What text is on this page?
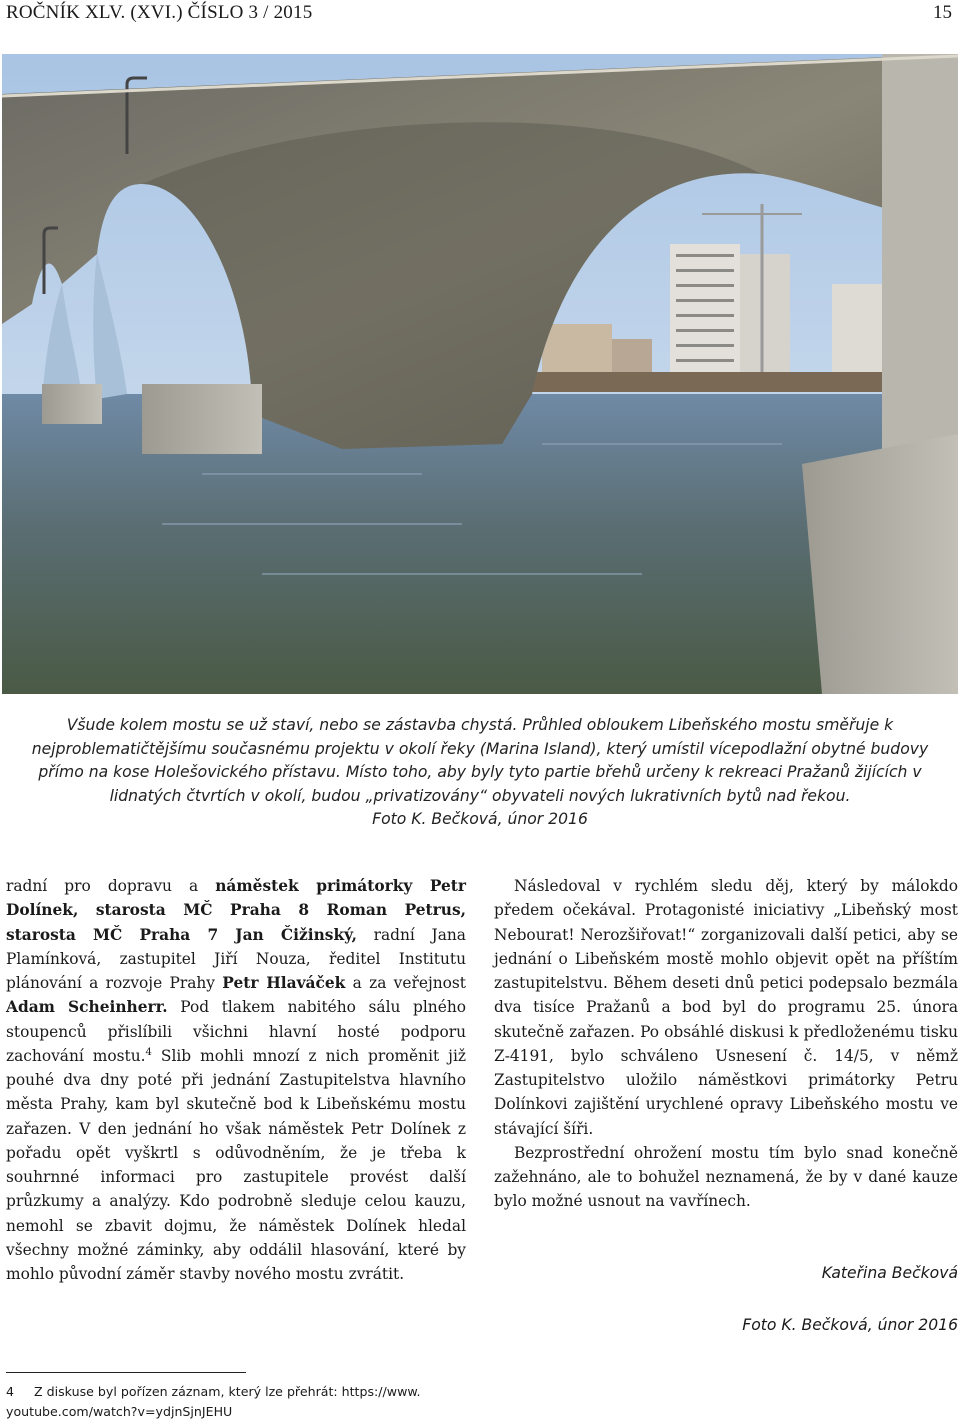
ROČNÍK XLV. (XVI.) ČÍSLO 3 / 2015	15
Všude kolem mostu se už staví, nebo se zástavba chystá. Průhled obloukem Libeňského mostu směřuje k nejproblematičtějšímu současnému projektu v okolí řeky (Marina Island), který umístil vícepodlažní obytné budovy přímo na kose Holešovického přístavu. Místo toho, aby byly tyto partie břehů určeny k rekreaci Pražanů žijících v lidnatých čtvrtích v okolí, budou „privatizovány“ obyvateli nových lukrativních bytů nad řekou.
Foto K. Bečková, únor 2016
radní pro dopravu a náměstek primátorky Petr Dolínek, starosta MČ Praha 8 Roman Petrus, starosta MČ Praha 7 Jan Čižinský, radní Jana Plamínková, zastupitel Jiří Nouza, ředitel Institutu plánování a rozvoje Prahy Petr Hlaváček a za veřejnost Adam Scheinherr. Pod tlakem nabitého sálu plného stoupenců přislíbili všichni hlavní hosté podporu zachování mostu.$^4$ Slib mohli mnozí z nich proměnit již pouhé dva dny poté při jednání Zastupitelstva hlavního města Prahy, kam byl skutečně bod k Libeňskému mostu zařazen. V den jednání ho však náměstek Petr Dolínek z pořadu opět vyškrtl s odůvodněním, že je třeba k souhrnné informaci pro zastupitele provést další průzkumy a analýzy. Kdo podrobně sleduje celou kauzu, nemohl se zbavit dojmu, že náměstek Dolínek hledal všechny možné záminky, aby oddálil hlasování, které by mohlo původní záměr stavby nového mostu zvrátit.

Následoval v rychlém sledu děj, který by málokdo předem očekával. Protagonisté iniciativy „Libeňský most Nebourat! Nerozšiřovat!“ zorganizovali další petici, aby se jednání o Libeňském mostě mohlo objevit opět na příštím zastupitelstvu. Během deseti dnů petici podepsalo bezmála dva tisíce Pražanů a bod byl do programu 25. února skutečně zařazen. Po obsáhlé diskusi k předloženému tisku Z-4191, bylo schváleno Usnesení č. 14/5, v němž Zastupitelstvo uložilo náměstkovi primátorky Petru Dolínkovi zajištění urychlené opravy Libeňského mostu ve stávající šíři.

Bezprostřední ohrožení mostu tím bylo snad konečně zažehnáno, ale to bohužel neznamená, že by v dané kauze bylo možné usnout na vavřínech.

Kateřina Bečková
Foto K. Bečková, únor 2016
4 Z diskuse byl pořízen záznam, který lze přehrát: https://www. youtube.com/watch?v=ydjnSjnJEHU
